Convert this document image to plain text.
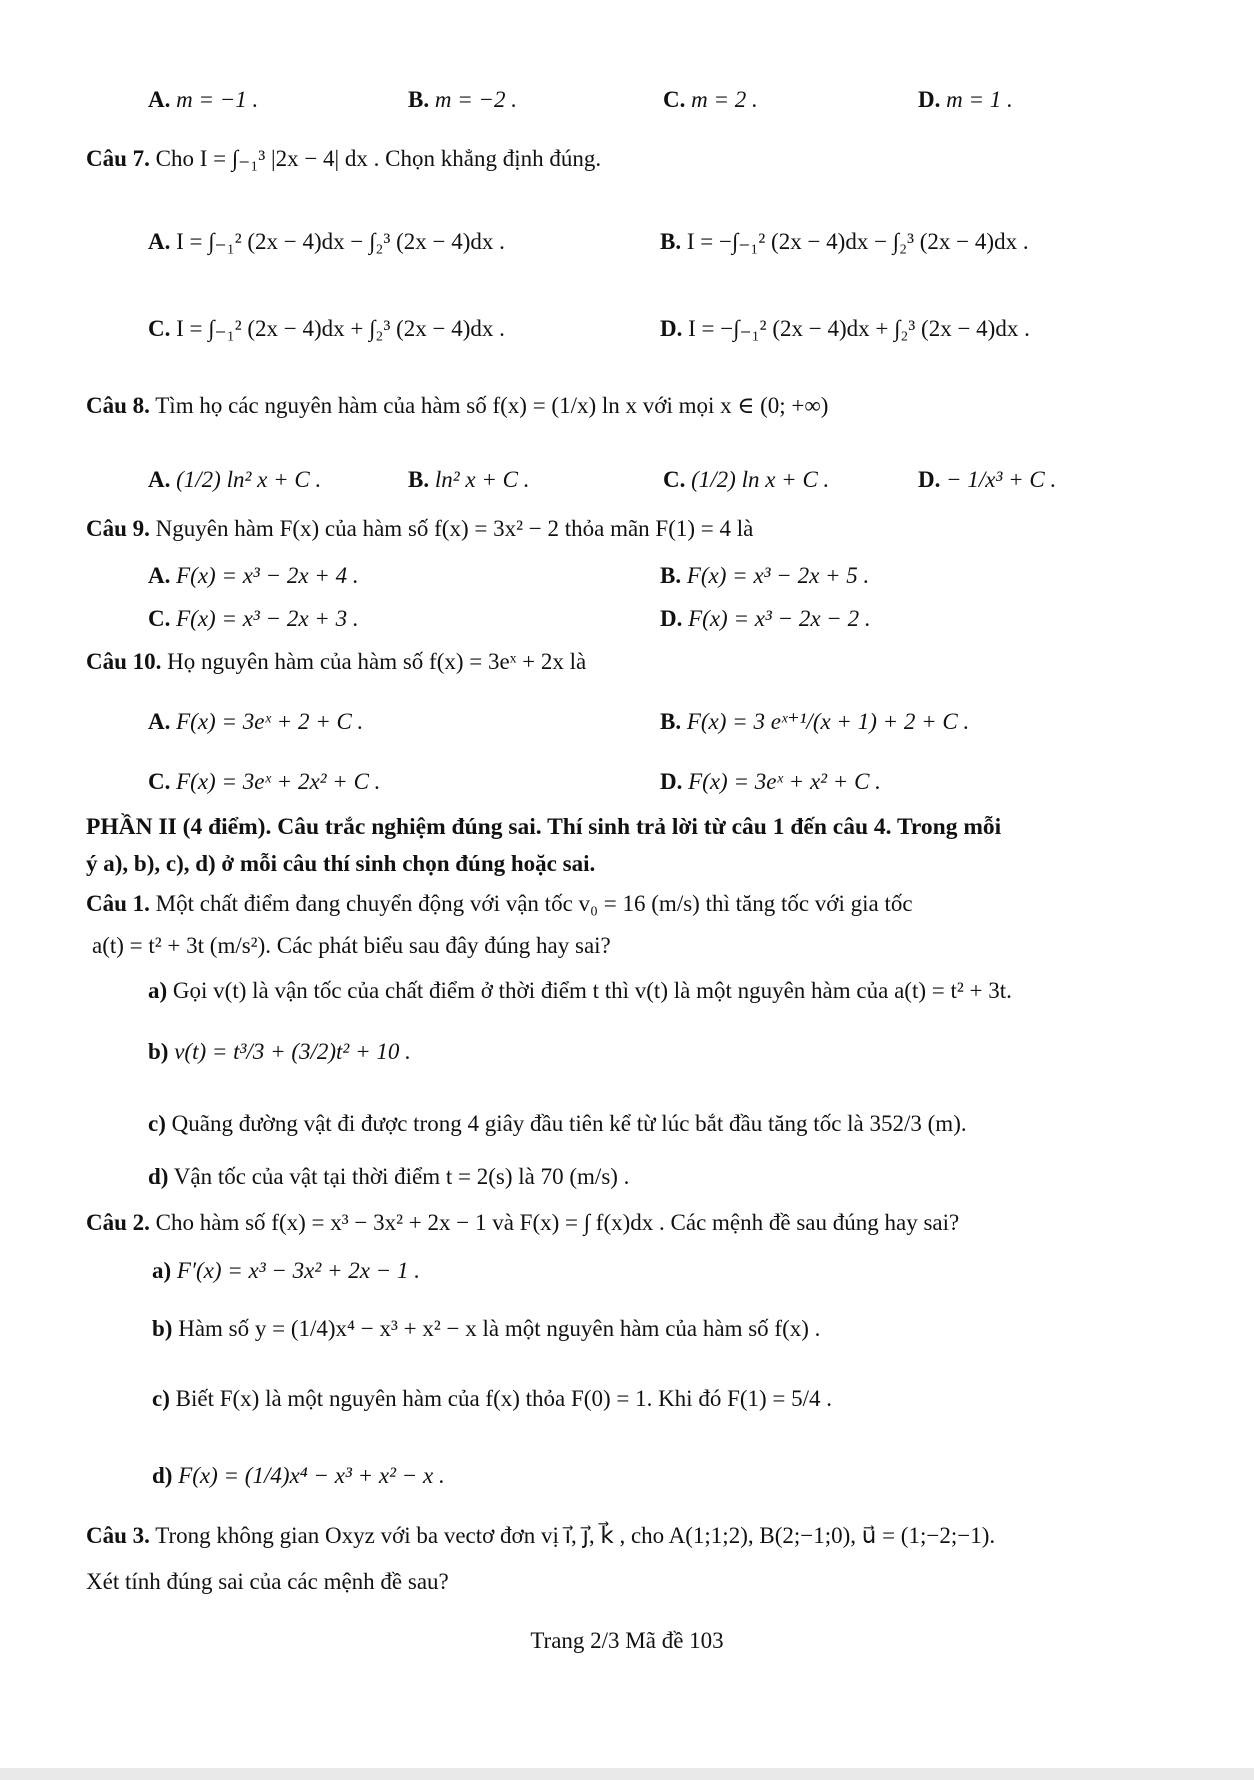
A. m = −1 .	B. m = −2 .	C. m = 2 .	D. m = 1 .
Câu 7. Cho I = ∫₋₁³ |2x − 4| dx . Chọn khẳng định đúng.
A. I = ∫₋₁² (2x − 4)dx − ∫₂³ (2x − 4)dx .	B. I = −∫₋₁² (2x − 4)dx − ∫₂³ (2x − 4)dx .
C. I = ∫₋₁² (2x − 4)dx + ∫₂³ (2x − 4)dx .	D. I = −∫₋₁² (2x − 4)dx + ∫₂³ (2x − 4)dx .
Câu 8. Tìm họ các nguyên hàm của hàm số f(x) = (1/x) ln x với mọi x ∈ (0; +∞)
A. (1/2) ln² x + C .	B. ln² x + C .	C. (1/2) ln x + C .	D. − 1/x³ + C .
Câu 9. Nguyên hàm F(x) của hàm số f(x) = 3x² − 2 thỏa mãn F(1) = 4 là
A. F(x) = x³ − 2x + 4 .	B. F(x) = x³ − 2x + 5 .
C. F(x) = x³ − 2x + 3 .	D. F(x) = x³ − 2x − 2 .
Câu 10. Họ nguyên hàm của hàm số f(x) = 3eˣ + 2x là
A. F(x) = 3eˣ + 2 + C .	B. F(x) = 3 eˣ⁺¹/(x + 1) + 2 + C .
C. F(x) = 3eˣ + 2x² + C .	D. F(x) = 3eˣ + x² + C .
PHẦN II (4 điểm). Câu trắc nghiệm đúng sai. Thí sinh trả lời từ câu 1 đến câu 4. Trong mỗi
ý a), b), c), d) ở mỗi câu thí sinh chọn đúng hoặc sai.
Câu 1. Một chất điểm đang chuyển động với vận tốc v₀ = 16 (m/s) thì tăng tốc với gia tốc
a(t) = t² + 3t (m/s²). Các phát biểu sau đây đúng hay sai?
a) Gọi v(t) là vận tốc của chất điểm ở thời điểm t thì v(t) là một nguyên hàm của a(t) = t² + 3t.
b) v(t) = t³/3 + (3/2)t² + 10 .
c) Quãng đường vật đi được trong 4 giây đầu tiên kể từ lúc bắt đầu tăng tốc là 352/3 (m).
d) Vận tốc của vật tại thời điểm t = 2(s) là 70 (m/s) .
Câu 2. Cho hàm số f(x) = x³ − 3x² + 2x − 1 và F(x) = ∫ f(x)dx . Các mệnh đề sau đúng hay sai?
a) F′(x) = x³ − 3x² + 2x − 1 .
b) Hàm số y = (1/4)x⁴ − x³ + x² − x là một nguyên hàm của hàm số f(x) .
c) Biết F(x) là một nguyên hàm của f(x) thỏa F(0) = 1. Khi đó F(1) = 5/4 .
d) F(x) = (1/4)x⁴ − x³ + x² − x .
Câu 3. Trong không gian Oxyz với ba vectơ đơn vị i⃗, j⃗, k⃗ , cho A(1;1;2), B(2;−1;0), u⃗ = (1;−2;−1).
Xét tính đúng sai của các mệnh đề sau?
Trang 2/3 Mã đề 103
